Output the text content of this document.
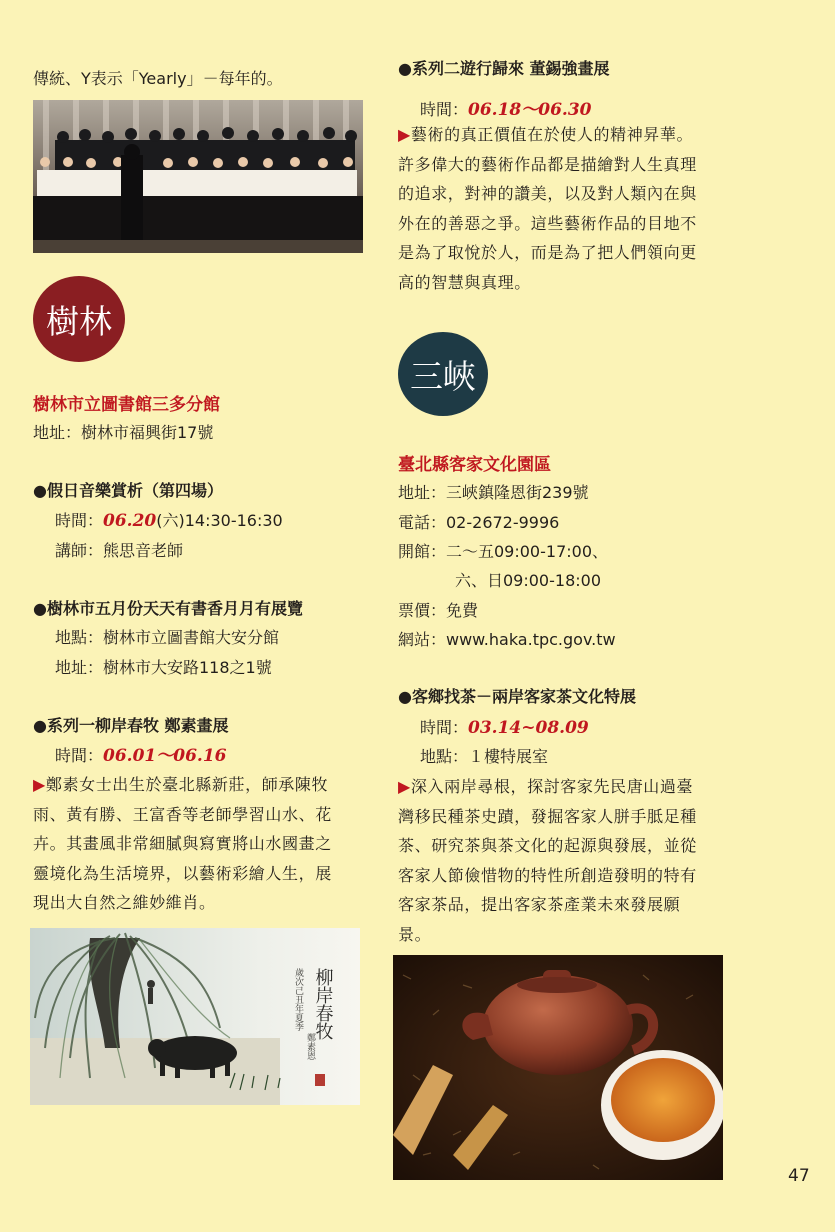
傳統、Y表示「Yearly」－每年的。
樹林
樹林市立圖書館三多分館
地址：樹林市福興街17號
●假日音樂賞析（第四場）
時間：06.20(六)14:30-16:30
講師：熊思音老師
●樹林市五月份天天有書香月月有展覽
地點：樹林市立圖書館大安分館
地址：樹林市大安路118之1號
●系列一柳岸春牧 鄭素畫展
時間：06.01～06.16
▶鄭素女士出生於臺北縣新莊，師承陳牧
雨、黃有勝、王富香等老師學習山水、花
卉。其畫風非常細膩與寫實將山水國畫之
靈境化為生活境界，以藝術彩繪人生，展
現出大自然之維妙維肖。
柳岸春牧
歲次己丑年夏季
鄭素恩
●系列二遊行歸來 董錫強畫展
時間：06.18～06.30
▶藝術的真正價值在於使人的精神昇華。
許多偉大的藝術作品都是描繪對人生真理
的追求，對神的讚美，以及對人類內在與
外在的善惡之爭。這些藝術作品的目地不
是為了取悅於人，而是為了把人們領向更
高的智慧與真理。
三峽
臺北縣客家文化園區
地址：三峽鎮隆恩街239號
電話：02-2672-9996
開館：二～五09:00-17:00、
六、日09:00-18:00
票價：免費
網站：www.haka.tpc.gov.tw
●客鄉找茶－兩岸客家茶文化特展
時間：03.14~08.09
地點：１樓特展室
▶深入兩岸尋根，探討客家先民唐山過臺
灣移民種茶史蹟，發掘客家人胼手胝足種
茶、研究茶與茶文化的起源與發展，並從
客家人節儉惜物的特性所創造發明的特有
客家茶品，提出客家茶產業未來發展願
景。
47
